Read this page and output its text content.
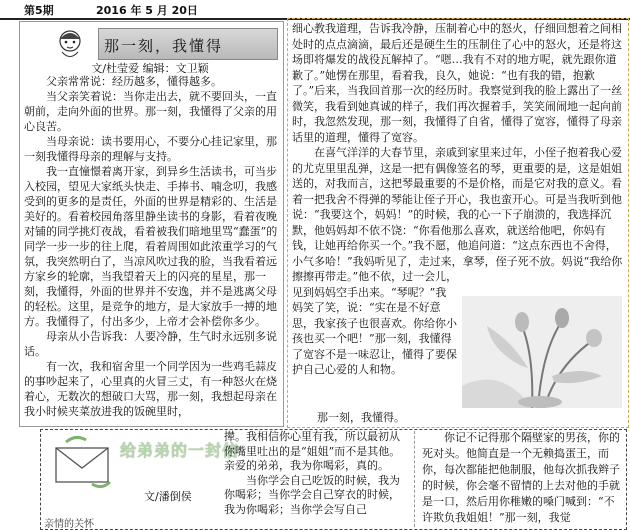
第5期	2016 年 5 月 20日
那一刻，我懂得
文/杜莹爱 编辑：文卫颖

父亲常常说：经历越多，懂得越多。

当父亲笑着说：当你走出去，就不要回头，一直朝前，走向外面的世界。那一刻，我懂得了父亲的用心良苦。

当母亲说：读书要用心，不要分心挂记家里，那一刻我懂得母亲的理解与支持。

我一直憧憬着离开家，到异乡生活读书，可当步入校园，望见大家纸头快走、手捧书、喃念叨，我感受到的更多的是责任，外面的世界是精彩的、生活是美好的。看着校园角落里静坐读书的身影，看着夜晚对铺的同学挑灯夜战，看着被我们暗地里骂“蠢蛋”的同学一步一步的往上爬，看着周围如此浓重学习的气氛，我突然明白了，当凉风吹过我的脸，当我看着远方家乡的轮廓，当我望着天上的闪亮的星星，那一刻，我懂得，外面的世界并不安逸，并不是逃离父母的轻松。这里，是竞争的地方，是大家放手一搏的地方。我懂得了，付出多少，上帝才会补偿你多少。

母亲从小告诉我：人要冷静，生气时永远别多说话。

有一次，我和宿舍里一个同学因为一些鸡毛蒜皮的事吵起来了，心里真的火冒三丈，有一种怒火在烧着心，无数次的想破口大骂，那一刻，我想起母亲在我小时候夹菜放进我的饭碗里时，

细心教我道理，告诉我冷静，压制着心中的怒火，仔细回想着之间相处时的点点滴滴，最后还是硬生生的压制住了心中的怒火，还是将这场即将爆发的战役瓦解掉了。“嗯…我有不对的地方呢，就先跟你道歉了。”她愣在那里，看着我，良久，她说：“也有我的错，抱歉了。”后来，当我回首那一次的经历时。我察觉到我的脸上露出了一丝微笑，我看到她真诚的样子，我们再次握着手，笑笑闹闹地一起向前时，我忽然发现，那一刻，我懂得了自省，懂得了宽容，懂得了母亲话里的道理，懂得了宽容。

在喜气洋洋的大春节里，亲戚到家里来过年，小侄子抱着我心爱的尤克里里乱弹，这是一把有偶像签名的琴，更重要的是，这是姐姐送的，对我而言，这把琴最重要的不是价格，而是它对我的意义。看着一把我舍不得弹的琴能让侄子开心，我也蛮开心。可是当我听到他说：“我要这个，妈妈！”的时候，我的心一下子崩溃的，我选择沉默，他妈妈却不依不饶：“你看他那么喜欢，就送给他吧，你妈有钱，让她再给你买一个。”我不愿，他追问道：“这点东西也不舍得，小气多哈！”我妈听见了，走过来，拿琴，侄子死不放。妈说“我给你擦擦再带走。”他不依，过一会儿，

见到妈妈空手出来。“琴呢？”我妈笑了笑，说：“实在是不好意思，我家孩子也很喜欢。你给你小孩也买一个吧！”那一刻，我懂得了宽容不是一味忍让，懂得了要保护自己心爱的人和物。

那一刻，我懂得。
给弟弟的一封信
文/潘倒侯
亲情的关怀

撵。我相信你心里有我，所以最初从你嘴里吐出的是“姐姐”而不是其他。亲爱的弟弟，我为你喝彩，真的。

当你学会自己吃饭的时候，我为你喝彩；当你学会自己穿衣的时候，我为你喝彩；当你学会写自己

你记不记得那个隔壁家的男孩，你的死对头。他简直是一个无赖捣蛋王，而你，每次都能把他制服，他每次抓我辫子的时候，你会毫不留情的上去对他的手就是一口，然后用你稚嫩的嗓门喊到：“不许欺负我姐姐！”那一刻，我觉
